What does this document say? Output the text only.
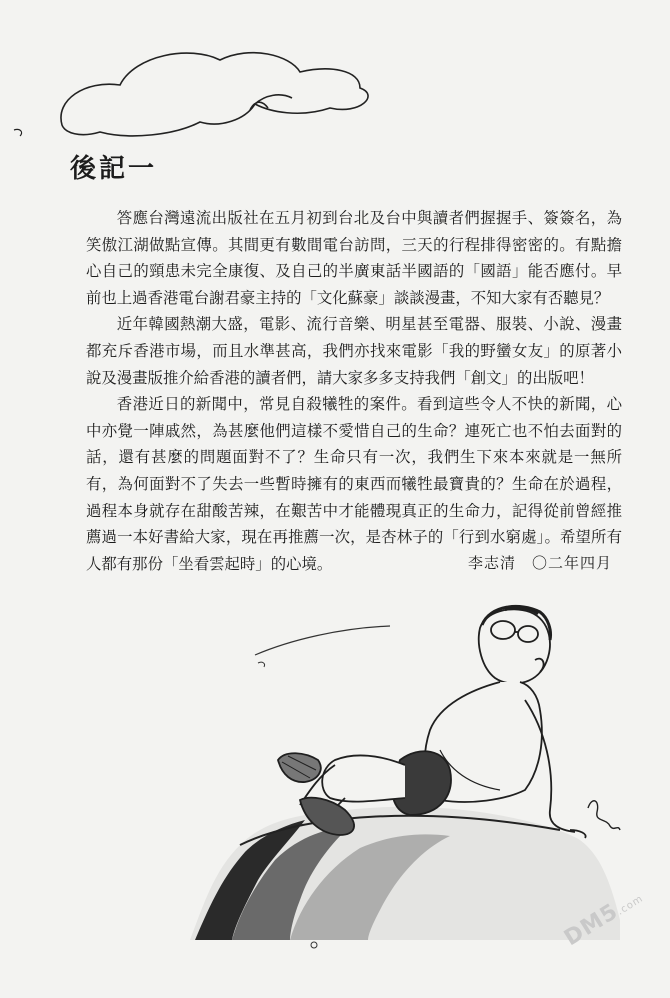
後記一

答應台灣遠流出版社在五月初到台北及台中與讀者們握握手、簽簽名，為笑傲江湖做點宣傳。其間更有數間電台訪問，三天的行程排得密密的。有點擔心自己的頸患未完全康復、及自己的半廣東話半國語的「國語」能否應付。早前也上過香港電台謝君豪主持的「文化蘇豪」談談漫畫，不知大家有否聽見？

近年韓國熱潮大盛，電影、流行音樂、明星甚至電器、服裝、小說、漫畫都充斥香港市場，而且水準甚高，我們亦找來電影「我的野蠻女友」的原著小說及漫畫版推介給香港的讀者們，請大家多多支持我們「創文」的出版吧！

香港近日的新聞中，常見自殺犧牲的案件。看到這些令人不快的新聞，心中亦覺一陣戚然，為甚麼他們這樣不愛惜自己的生命？連死亡也不怕去面對的話，還有甚麼的問題面對不了？生命只有一次，我們生下來本來就是一無所有，為何面對不了失去一些暫時擁有的東西而犧牲最寶貴的？生命在於過程，過程本身就存在甜酸苦辣，在艱苦中才能體現真正的生命力，記得從前曾經推薦過一本好書給大家，現在再推薦一次，是杏林子的「行到水窮處」。希望所有人都有那份「坐看雲起時」的心境。	李志清　〇二年四月
DM5.com
